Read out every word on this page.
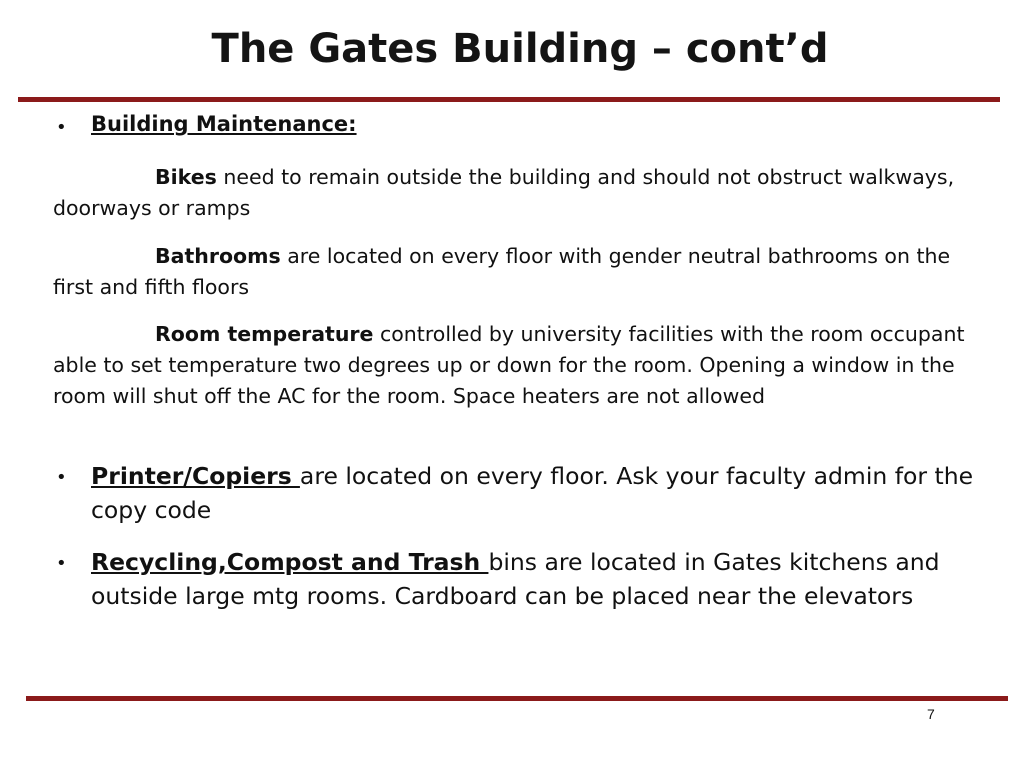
The Gates Building – cont’d
• Building Maintenance:

Bikes need to remain outside the building and should not obstruct walkways, doorways or ramps

Bathrooms are located on every floor with gender neutral bathrooms on the first and fifth floors

Room temperature controlled by university facilities with the room occupant able to set temperature two degrees up or down for the room. Opening a window in the room will shut off the AC for the room. Space heaters are not allowed

• Printer/Copiers are located on every floor. Ask your faculty admin for the copy code

• Recycling,Compost and Trash bins are located in Gates kitchens and outside large mtg rooms. Cardboard can be placed near the elevators

7
